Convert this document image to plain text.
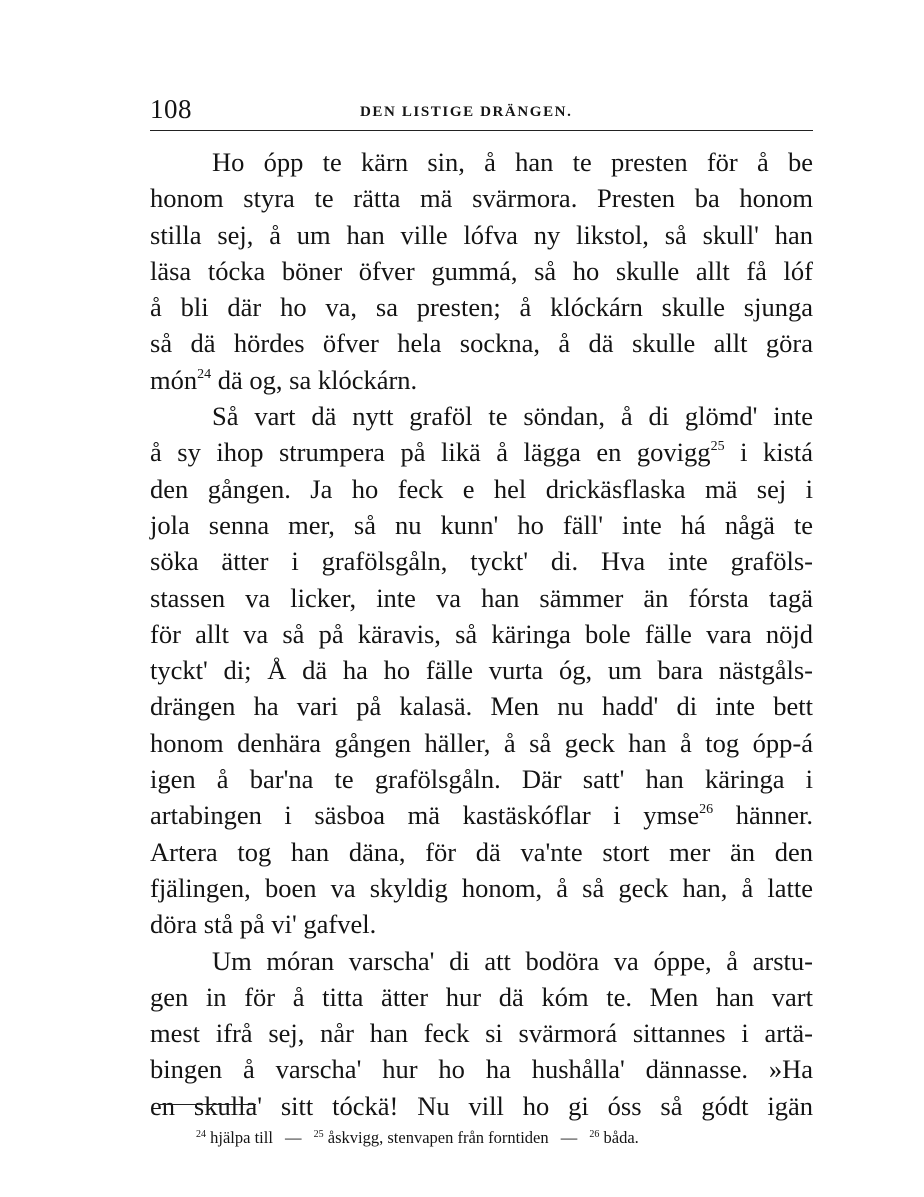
108	DEN LISTIGE DRÄNGEN.
Ho ópp te kärn sin, å han te presten för å be
honom styra te rätta mä svärmora. Presten ba honom
stilla sej, å um han ville lófva ny likstol, så skull' han
läsa tócka böner öfver gummá, så ho skulle allt få lóf
å bli där ho va, sa presten; å klóckárn skulle sjunga
så dä hördes öfver hela sockna, å dä skulle allt göra
món$^{24}$ dä og, sa klóckárn.
Så vart dä nytt graföl te söndan, å di glömd' inte
å sy ihop strumpera på likä å lägga en govigg$^{25}$ i kistá
den gången. Ja ho feck e hel drickäsflaska mä sej i
jola senna mer, så nu kunn' ho fäll' inte há någä te
söka ätter i grafölsgåln, tyckt' di. Hva inte graföls-
stassen va licker, inte va han sämmer än fórsta tagä
för allt va så på käravis, så käringa bole fälle vara nöjd
tyckt' di; Å dä ha ho fälle vurta óg, um bara nästgåls-
drängen ha vari på kalasä. Men nu hadd' di inte bett
honom denhära gången häller, å så geck han å tog ópp-á
igen å bar'na te grafölsgåln. Där satt' han käringa i
artabingen i säsboa mä kastäskóflar i ymse$^{26}$ hänner.
Artera tog han däna, för dä va'nte stort mer än den
fjälingen, boen va skyldig honom, å så geck han, å latte
döra stå på vi' gafvel.
Um móran varscha' di att bodöra va óppe, å arstu-
gen in för å titta ätter hur dä kóm te. Men han vart
mest ifrå sej, når han feck si svärmorá sittannes i artä-
bingen å varscha' hur ho ha hushålla' dännasse. »Ha
en skulla' sitt tóckä! Nu vill ho gi óss så gódt igän
$^{24}$ hjälpa till — $^{25}$ åskvigg, stenvapen från forntiden — $^{26}$ båda.
